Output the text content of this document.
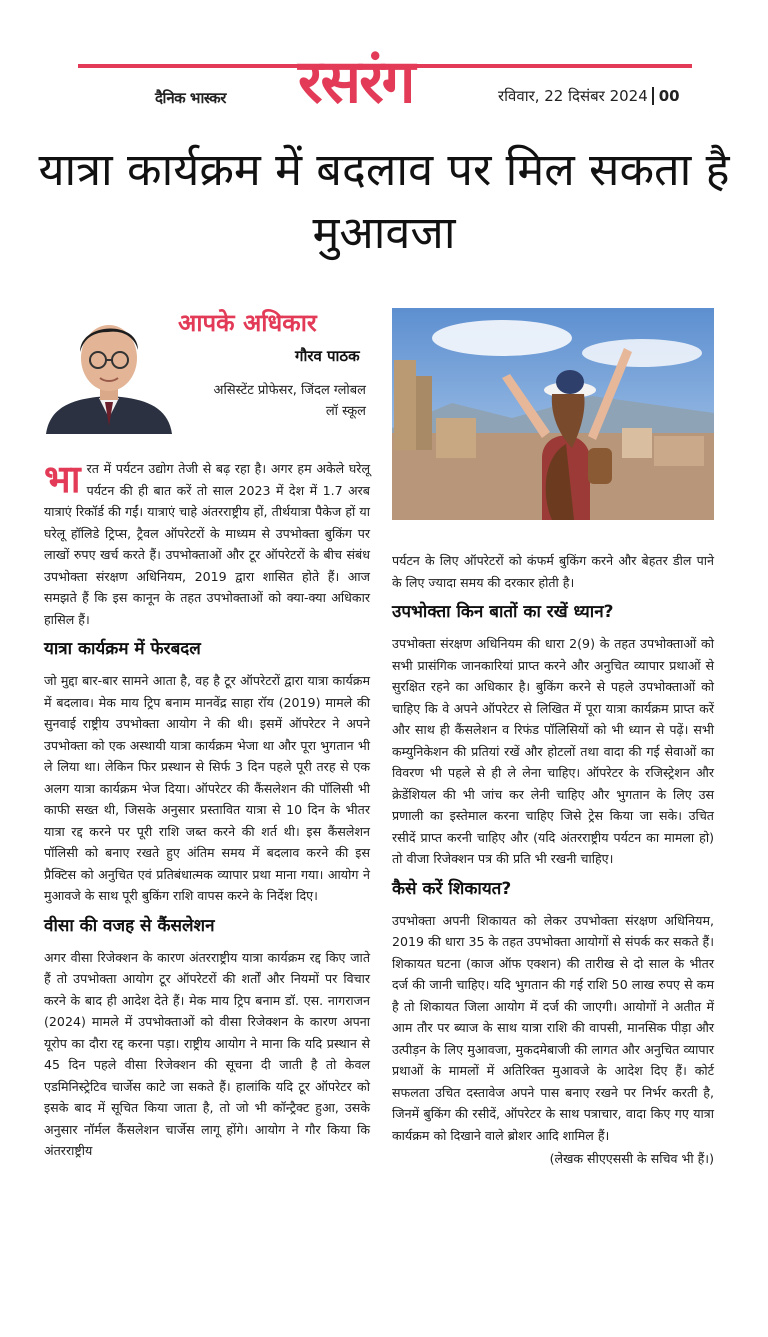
दैनिक भास्कर रसरंग	रविवार, 22 दिसंबर 2024 00
यात्रा कार्यक्रम में बदलाव पर मिल सकता है मुआवजा
आपके अधिकार
गौरव पाठक
असिस्टेंट प्रोफेसर, जिंदल ग्लोबल लॉ स्कूल

भारत में पर्यटन उद्योग तेजी से बढ़ रहा है। अगर हम अकेले घरेलू पर्यटन की ही बात करें तो साल 2023 में देश में 1.7 अरब यात्राएं रिकॉर्ड की गईं। यात्राएं चाहे अंतरराष्ट्रीय हों, तीर्थयात्रा पैकेज हों या घरेलू हॉलिडे ट्रिप्स, ट्रैवल ऑपरेटरों के माध्यम से उपभोक्ता बुकिंग पर लाखों रुपए खर्च करते हैं। उपभोक्ताओं और टूर ऑपरेटरों के बीच संबंध उपभोक्ता संरक्षण अधिनियम, 2019 द्वारा शासित होते हैं। आज समझते हैं कि इस कानून के तहत उपभोक्ताओं को क्या-क्या अधिकार हासिल हैं।

यात्रा कार्यक्रम में फेरबदल

जो मुद्दा बार-बार सामने आता है, वह है टूर ऑपरेटरों द्वारा यात्रा कार्यक्रम में बदलाव। मेक माय ट्रिप बनाम मानवेंद्र साहा रॉय (2019) मामले की सुनवाई राष्ट्रीय उपभोक्ता आयोग ने की थी। इसमें ऑपरेटर ने अपने उपभोक्ता को एक अस्थायी यात्रा कार्यक्रम भेजा था और पूरा भुगतान भी ले लिया था। लेकिन फिर प्रस्थान से सिर्फ 3 दिन पहले पूरी तरह से एक अलग यात्रा कार्यक्रम भेज दिया। ऑपरेटर की कैंसलेशन की पॉलिसी भी काफी सख्त थी, जिसके अनुसार प्रस्तावित यात्रा से 10 दिन के भीतर यात्रा रद्द करने पर पूरी राशि जब्त करने की शर्त थी। इस कैंसलेशन पॉलिसी को बनाए रखते हुए अंतिम समय में बदलाव करने की इस प्रैक्टिस को अनुचित एवं प्रतिबंधात्मक व्यापार प्रथा माना गया। आयोग ने मुआवजे के साथ पूरी बुकिंग राशि वापस करने के निर्देश दिए।

वीसा की वजह से कैंसलेशन

अगर वीसा रिजेक्शन के कारण अंतरराष्ट्रीय यात्रा कार्यक्रम रद्द किए जाते हैं तो उपभोक्ता आयोग टूर ऑपरेटरों की शर्तों और नियमों पर विचार करने के बाद ही आदेश देते हैं। मेक माय ट्रिप बनाम डॉ. एस. नागराजन (2024) मामले में उपभोक्ताओं को वीसा रिजेक्शन के कारण अपना यूरोप का दौरा रद्द करना पड़ा। राष्ट्रीय आयोग ने माना कि यदि प्रस्थान से 45 दिन पहले वीसा रिजेक्शन की सूचना दी जाती है तो केवल एडमिनिस्ट्रेटिव चार्जेस काटे जा सकते हैं। हालांकि यदि टूर ऑपरेटर को इसके बाद में सूचित किया जाता है, तो जो भी कॉन्ट्रैक्ट हुआ, उसके अनुसार नॉर्मल कैंसलेशन चार्जेस लागू होंगे। आयोग ने गौर किया कि अंतरराष्ट्रीय

पर्यटन के लिए ऑपरेटरों को कंफर्म बुकिंग करने और बेहतर डील पाने के लिए ज्यादा समय की दरकार होती है।

उपभोक्ता किन बातों का रखें ध्यान?

उपभोक्ता संरक्षण अधिनियम की धारा 2(9) के तहत उपभोक्ताओं को सभी प्रासंगिक जानकारियां प्राप्त करने और अनुचित व्यापार प्रथाओं से सुरक्षित रहने का अधिकार है। बुकिंग करने से पहले उपभोक्ताओं को चाहिए कि वे अपने ऑपरेटर से लिखित में पूरा यात्रा कार्यक्रम प्राप्त करें और साथ ही कैंसलेशन व रिफंड पॉलिसियों को भी ध्यान से पढ़ें। सभी कम्युनिकेशन की प्रतियां रखें और होटलों तथा वादा की गई सेवाओं का विवरण भी पहले से ही ले लेना चाहिए। ऑपरेटर के रजिस्ट्रेशन और क्रेडेंशियल की भी जांच कर लेनी चाहिए और भुगतान के लिए उस प्रणाली का इस्तेमाल करना चाहिए जिसे ट्रेस किया जा सके। उचित रसीदें प्राप्त करनी चाहिए और (यदि अंतरराष्ट्रीय पर्यटन का मामला हो) तो वीजा रिजेक्शन पत्र की प्रति भी रखनी चाहिए।

कैसे करें शिकायत?

उपभोक्ता अपनी शिकायत को लेकर उपभोक्ता संरक्षण अधिनियम, 2019 की धारा 35 के तहत उपभोक्ता आयोगों से संपर्क कर सकते हैं। शिकायत घटना (काज ऑफ एक्शन) की तारीख से दो साल के भीतर दर्ज की जानी चाहिए। यदि भुगतान की गई राशि 50 लाख रुपए से कम है तो शिकायत जिला आयोग में दर्ज की जाएगी। आयोगों ने अतीत में आम तौर पर ब्याज के साथ यात्रा राशि की वापसी, मानसिक पीड़ा और उत्पीड़न के लिए मुआवजा, मुकदमेबाजी की लागत और अनुचित व्यापार प्रथाओं के मामलों में अतिरिक्त मुआवजे के आदेश दिए हैं। कोर्ट सफलता उचित दस्तावेज अपने पास बनाए रखने पर निर्भर करती है, जिनमें बुकिंग की रसीदें, ऑपरेटर के साथ पत्राचार, वादा किए गए यात्रा कार्यक्रम को दिखाने वाले ब्रोशर आदि शामिल हैं।

(लेखक सीएएससी के सचिव भी हैं।)
